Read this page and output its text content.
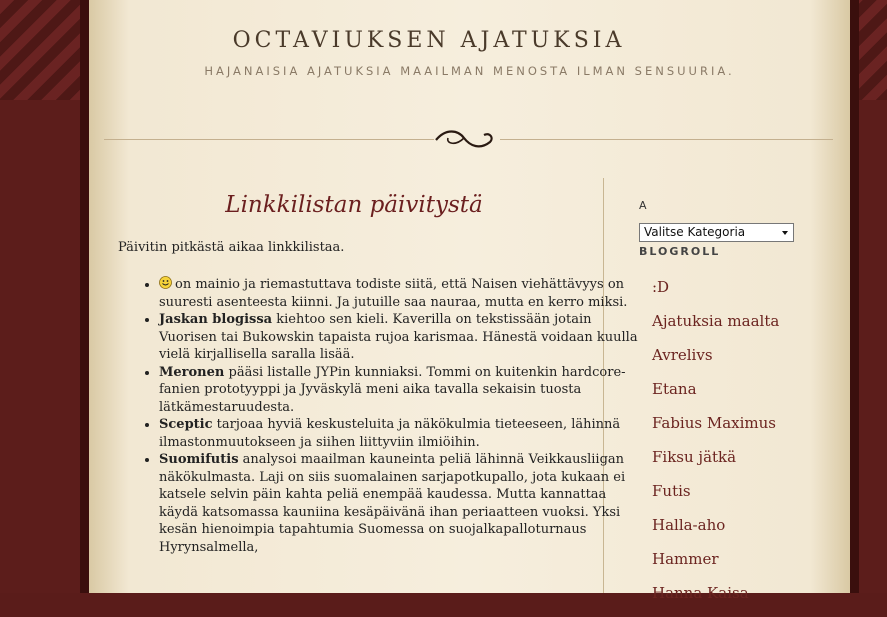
OCTAVIUKSEN AJATUKSIA
HAJANAISIA AJATUKSIA MAAILMAN MENOSTA ILMAN SENSUURIA.
Linkkilistan päivitystä
Päivitin pitkästä aikaa linkkilistaa.
• on mainio ja riemastuttava todiste siitä, että Naisen viehättävyys on suuresti asenteesta kiinni. Ja jutuille saa nauraa, mutta en kerro miksi.
• Jaskan blogissa kiehtoo sen kieli. Kaverilla on tekstissään jotain Vuorisen tai Bukowskin tapaista rujoa karismaa. Hänestä voidaan kuulla vielä kirjallisella saralla lisää.
• Meronen pääsi listalle JYPin kunniaksi. Tommi on kuitenkin hardcore-fanien prototyyppi ja Jyväskylä meni aika tavalla sekaisin tuosta lätkämestaruudesta.
• Sceptic tarjoaa hyviä keskusteluita ja näkökulmia tieteeseen, lähinnä ilmastonmuutokseen ja siihen liittyviin ilmiöihin.
• Suomifutis analysoi maailman kauneinta peliä lähinnä Veikkausliigan näkökulmasta. Laji on siis suomalainen sarjapotkupallo, jota kukaan ei katsele selvin päin kahta peliä enempää kaudessa. Mutta kannattaa käydä katsomassa kauniina kesäpäivänä ihan periaatteen vuoksi. Yksi kesän hienoimpia tapahtumia Suomessa on suojalkapalloturnaus Hyrynsalmella,
A
Valitse Kategoria
BLOGROLL
:D
Ajatuksia maalta
Avrelivs
Etana
Fabius Maximus
Fiksu jätkä
Futis
Halla-aho
Hammer
Hanna Kaisa
